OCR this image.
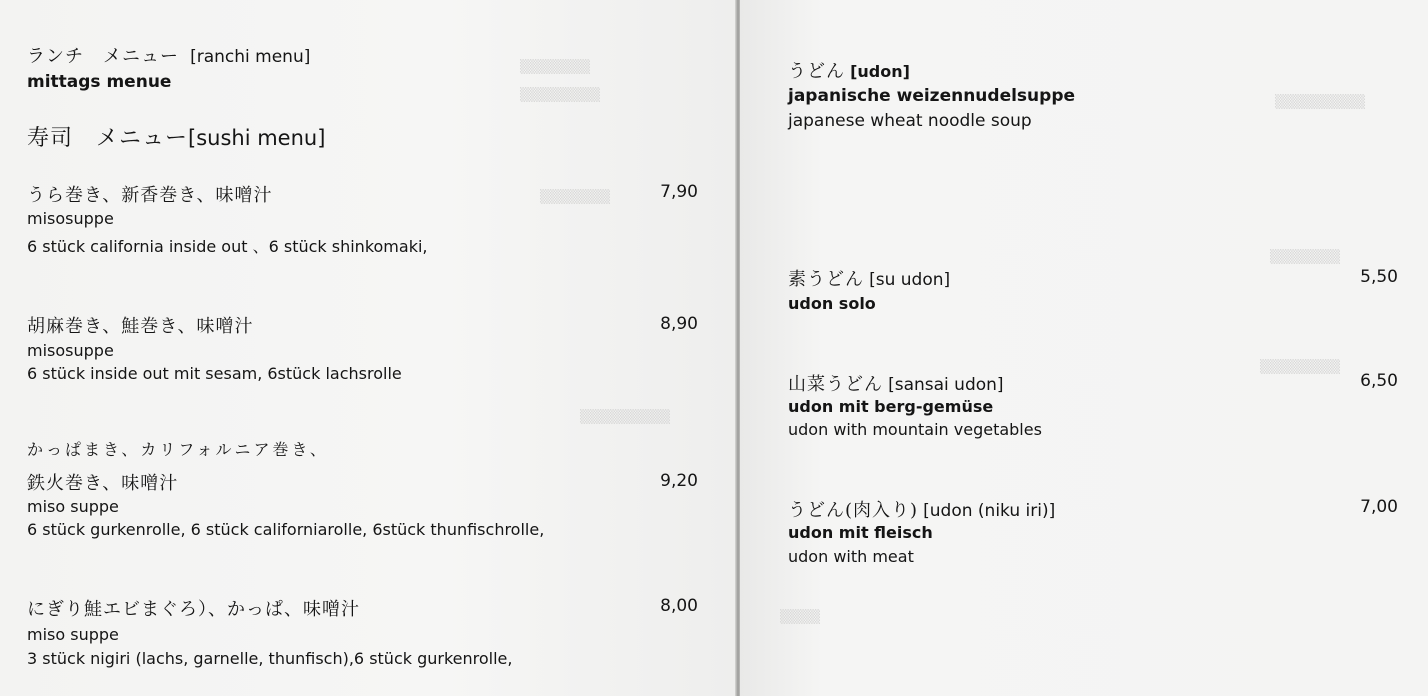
▒▒▒▒▒▒▒
▒▒▒▒▒▒▒▒
▒▒▒▒▒▒▒
▒▒▒▒▒▒▒▒▒
ランチ　メニュー [ranchi menu]
mittags menue
寿司　メニュー[sushi menu]
うら巻き、新香巻き、味噌汁	7,90
misosuppe
6 stück california inside out 、6 stück shinkomaki,
胡麻巻き、鮭巻き、味噌汁	8,90
misosuppe
6 stück inside out mit sesam, 6stück lachsrolle
かっぱまき、カリフォルニア巻き、
鉄火巻き、味噌汁	9,20
miso suppe
6 stück gurkenrolle, 6 stück californiarolle, 6stück thunfischrolle,
にぎり鮭エビまぐろ）、かっぱ、味噌汁	8,00
miso suppe
3 stück nigiri (lachs, garnelle, thunfisch),6 stück gurkenrolle,
▒▒▒▒▒▒▒▒▒
▒▒▒▒▒▒▒
▒▒▒▒▒▒▒▒
▒▒▒▒
うどん [udon]
japanische weizennudelsuppe
japanese wheat noodle soup
素うどん [su udon]	5,50
udon solo
山菜うどん [sansai udon]	6,50
udon mit berg-gemüse
udon with mountain vegetables
うどん(肉入り) [udon (niku iri)]	7,00
udon mit fleisch
udon with meat
